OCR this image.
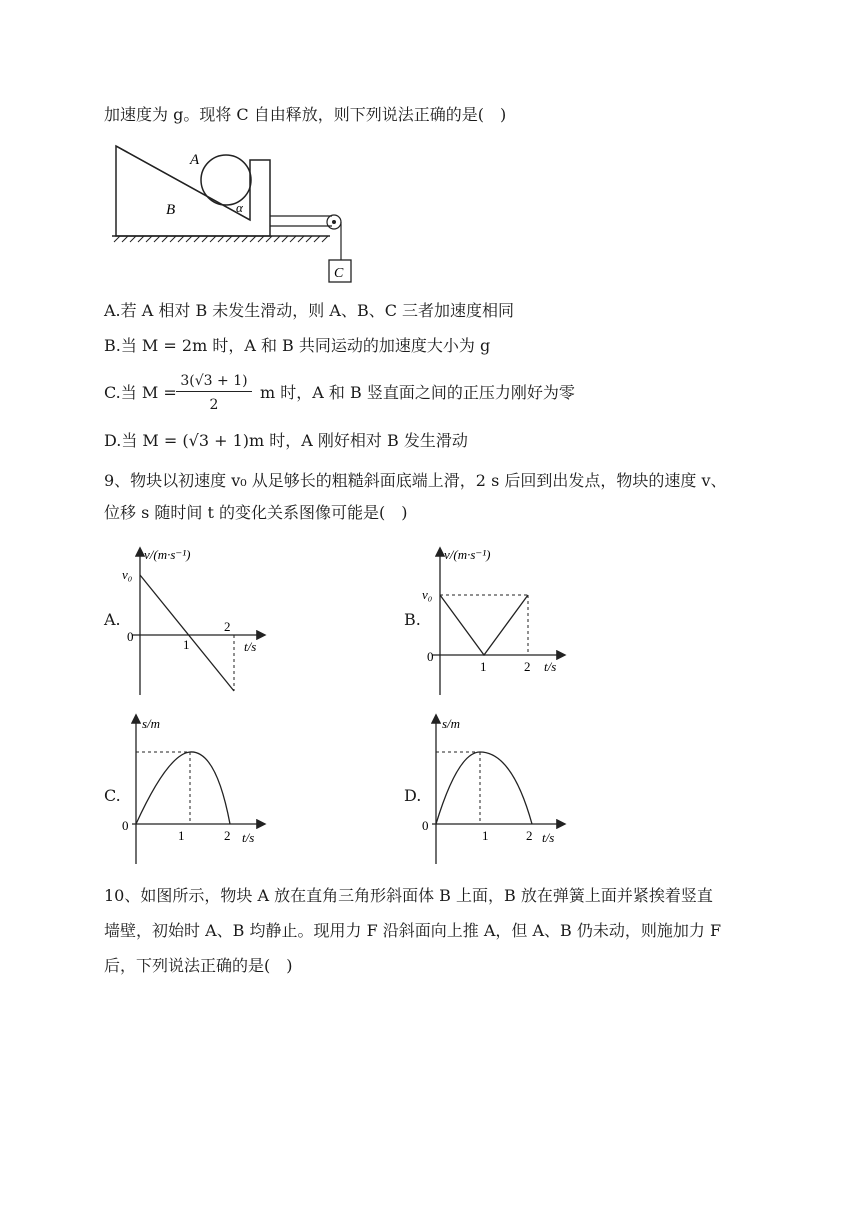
加速度为 g。现将 C 自由释放，则下列说法正确的是(　)
A
B	α
C
A.若 A 相对 B 未发生滑动，则 A、B、C 三者加速度相同
B.当 M = 2m 时，A 和 B 共同运动的加速度大小为 g
C.当 M =
3(√3 + 1)
2
m 时，A 和 B 竖直面之间的正压力刚好为零
D.当 M = (√3 + 1)m 时，A 刚好相对 B 发生滑动
9、物块以初速度 v₀ 从足够长的粗糙斜面底端上滑，2 s 后回到出发点，物块的速度 v、
位移 s 随时间 t 的变化关系图像可能是(　)
A.	B.
C.	D.
v/(m·s⁻¹)
v₀
0
1
2
t/s
v/(m·s⁻¹)
v₀
0
1	2 t/s
s/m
0
1	2 t/s
s/m
0
1	2 t/s
10、如图所示，物块 A 放在直角三角形斜面体 B 上面，B 放在弹簧上面并紧挨着竖直
墙壁，初始时 A、B 均静止。现用力 F 沿斜面向上推 A，但 A、B 仍未动，则施加力 F
后，下列说法正确的是(　)
